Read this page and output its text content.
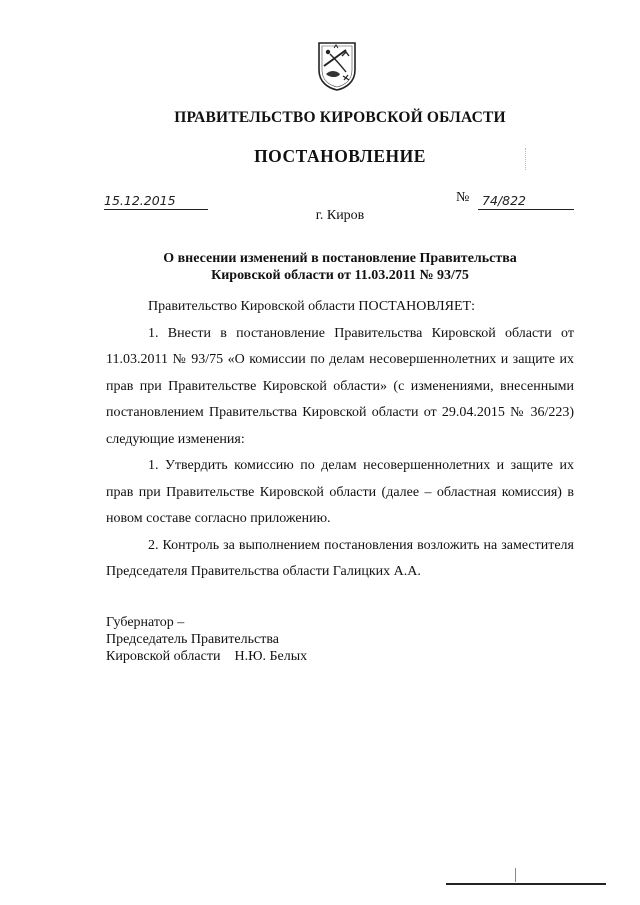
ПРАВИТЕЛЬСТВО КИРОВСКОЙ ОБЛАСТИ
ПОСТАНОВЛЕНИЕ
15.12.2015	№ 74/822
г. Киров
О внесении изменений в постановление Правительства
Кировской области от 11.03.2011 № 93/75

Правительство Кировской области ПОСТАНОВЛЯЕТ:

1. Внести в постановление Правительства Кировской области от 11.03.2011 № 93/75 «О комиссии по делам несовершеннолетних и защите их прав при Правительстве Кировской области» (с изменениями, внесенными постановлением Правительства Кировской области от 29.04.2015 № 36/223) следующие изменения:

1. Утвердить комиссию по делам несовершеннолетних и защите их прав при Правительстве Кировской области (далее – областная комиссия) в новом составе согласно приложению.

2. Контроль за выполнением постановления возложить на заместителя Председателя Правительства области Галицких А.А.

Губернатор –
Председатель Правительства
Кировской области Н.Ю. Белых
